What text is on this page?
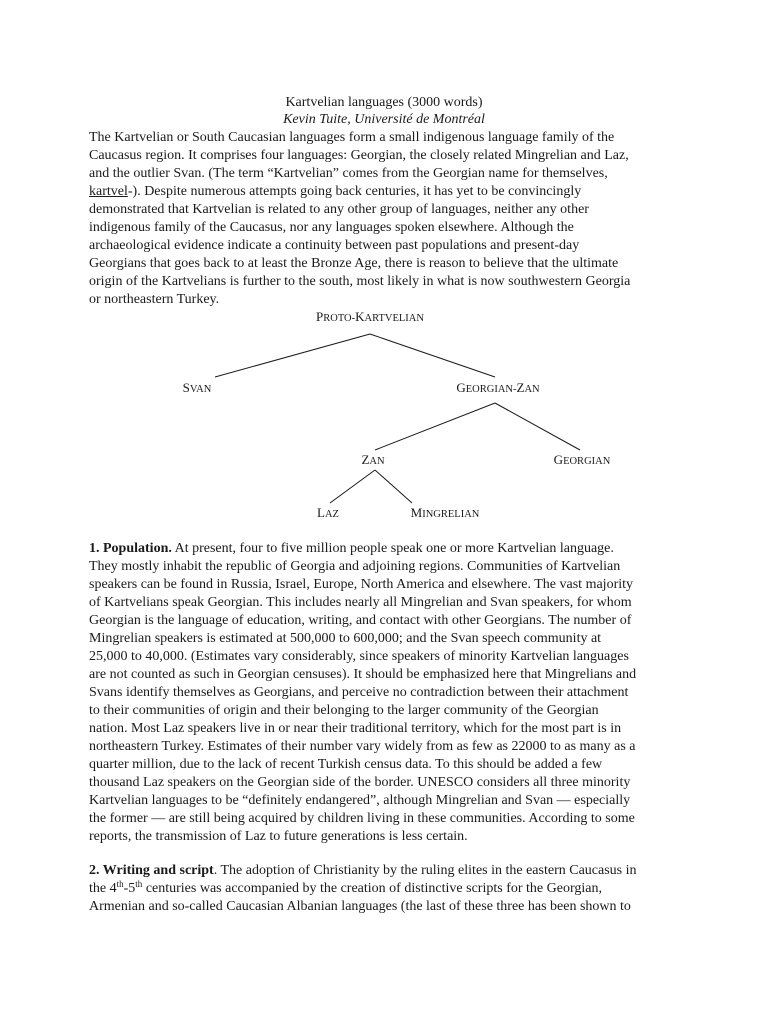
Kartvelian languages (3000 words)
Kevin Tuite, Université de Montréal

The Kartvelian or South Caucasian languages form a small indigenous language family of the
Caucasus region. It comprises four languages: Georgian, the closely related Mingrelian and Laz,
and the outlier Svan. (The term “Kartvelian” comes from the Georgian name for themselves,
kartvel-). Despite numerous attempts going back centuries, it has yet to be convincingly
demonstrated that Kartvelian is related to any other group of languages, neither any other
indigenous family of the Caucasus, nor any languages spoken elsewhere. Although the
archaeological evidence indicate a continuity between past populations and present-day
Georgians that goes back to at least the Bronze Age, there is reason to believe that the ultimate
origin of the Kartvelians is further to the south, most likely in what is now southwestern Georgia
or northeastern Turkey.

PROTO-KARTVELIAN
SVAN	GEORGIAN-ZAN
ZAN	GEORGIAN
LAZ	MINGRELIAN

1. Population. At present, four to five million people speak one or more Kartvelian language.
They mostly inhabit the republic of Georgia and adjoining regions. Communities of Kartvelian
speakers can be found in Russia, Israel, Europe, North America and elsewhere. The vast majority
of Kartvelians speak Georgian. This includes nearly all Mingrelian and Svan speakers, for whom
Georgian is the language of education, writing, and contact with other Georgians. The number of
Mingrelian speakers is estimated at 500,000 to 600,000; and the Svan speech community at
25,000 to 40,000. (Estimates vary considerably, since speakers of minority Kartvelian languages
are not counted as such in Georgian censuses). It should be emphasized here that Mingrelians and
Svans identify themselves as Georgians, and perceive no contradiction between their attachment
to their communities of origin and their belonging to the larger community of the Georgian
nation. Most Laz speakers live in or near their traditional territory, which for the most part is in
northeastern Turkey. Estimates of their number vary widely from as few as 22000 to as many as a
quarter million, due to the lack of recent Turkish census data. To this should be added a few
thousand Laz speakers on the Georgian side of the border. UNESCO considers all three minority
Kartvelian languages to be “definitely endangered”, although Mingrelian and Svan — especially
the former — are still being acquired by children living in these communities. According to some
reports, the transmission of Laz to future generations is less certain.

2. Writing and script. The adoption of Christianity by the ruling elites in the eastern Caucasus in
the 4th-5th centuries was accompanied by the creation of distinctive scripts for the Georgian,
Armenian and so-called Caucasian Albanian languages (the last of these three has been shown to
